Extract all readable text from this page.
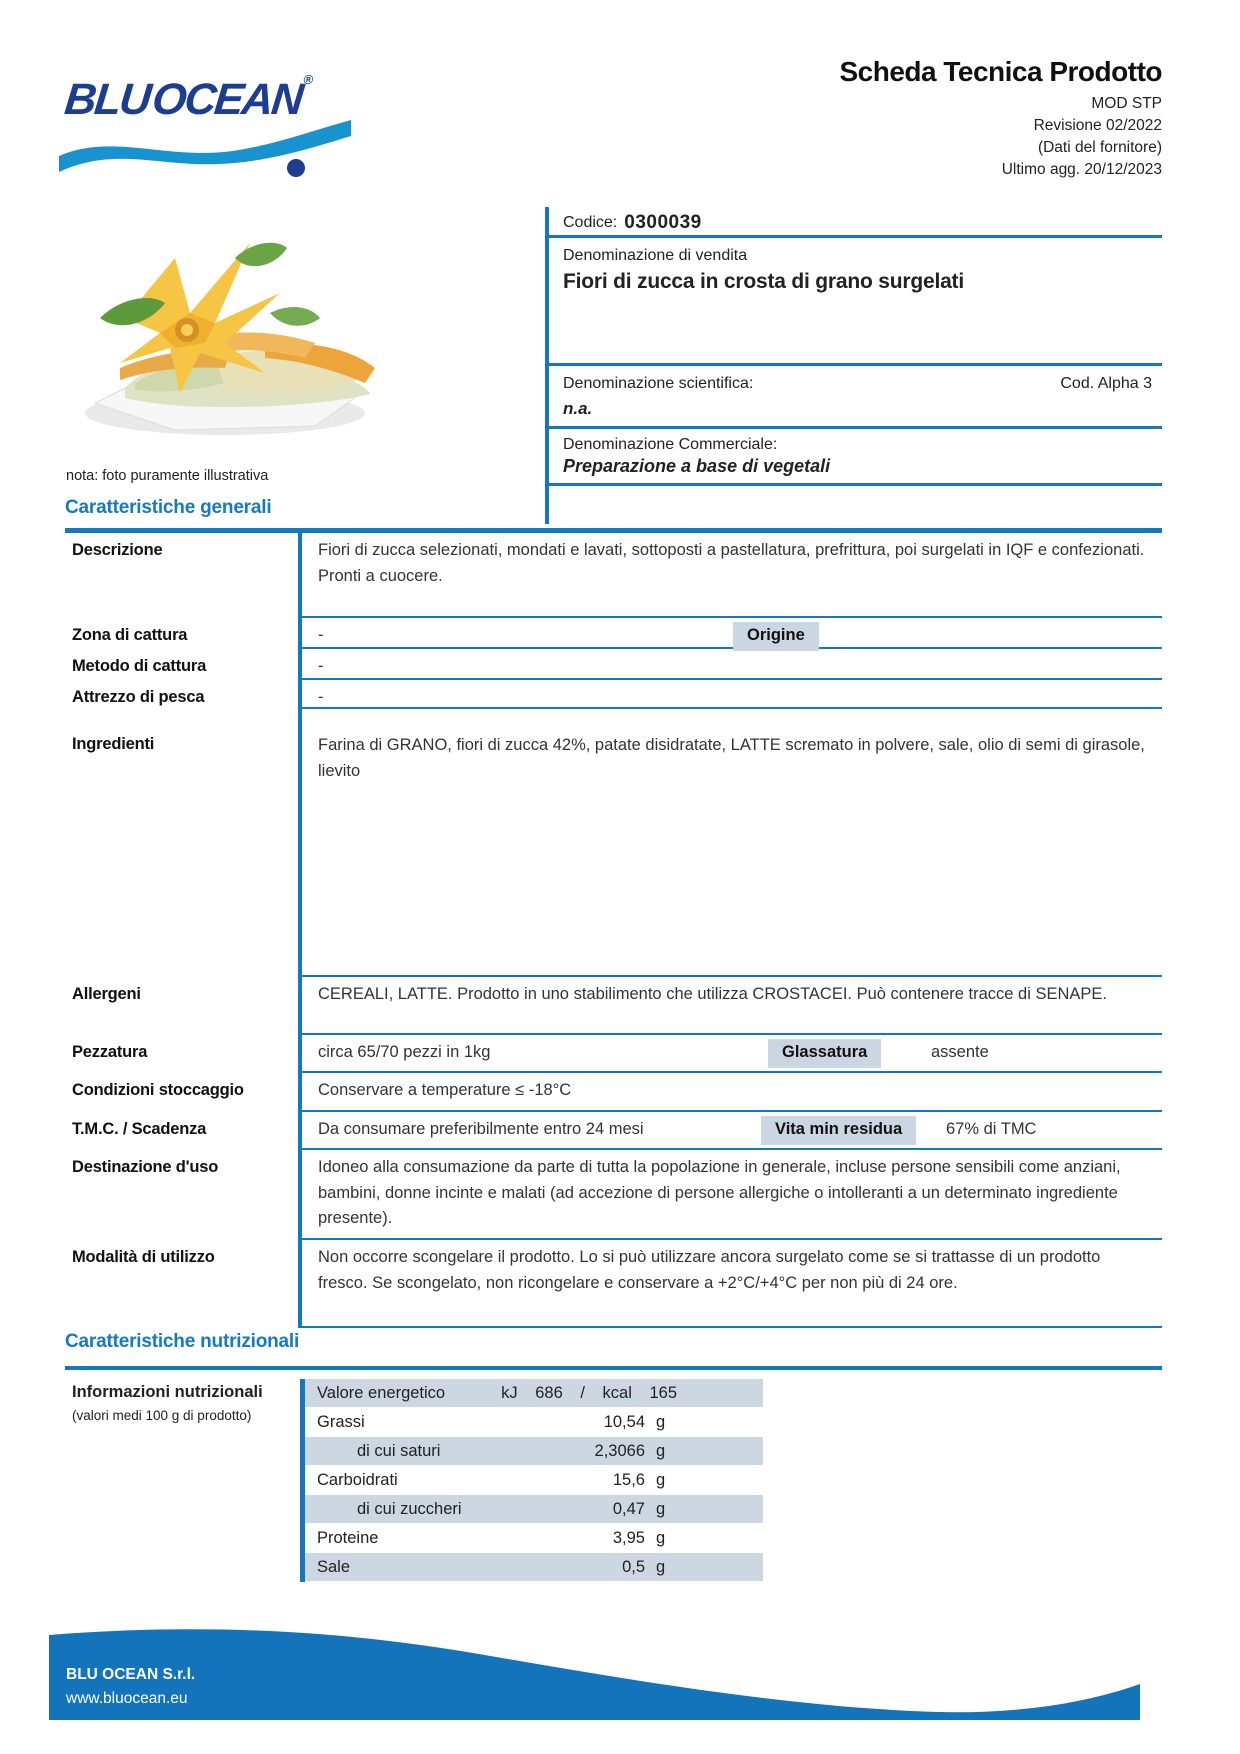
BLU OCEAN®	Scheda Tecnica Prodotto
MOD STP
Revisione 02/2022
(Dati del fornitore)
Ultimo agg. 20/12/2023
nota: foto puramente illustrativa
Codice: 0300039
Denominazione di vendita
Fiori di zucca in crosta di grano surgelati
Denominazione scientifica:	Cod. Alpha 3
n.a.
Denominazione Commerciale:
Preparazione a base di vegetali
Caratteristiche generali
Descrizione	Fiori di zucca selezionati, mondati e lavati, sottoposti a pastellatura, prefrittura, poi surgelati in IQF e confezionati. Pronti a cuocere.
Zona di cattura	-	Origine
Metodo di cattura	-
Attrezzo di pesca	-
Ingredienti	Farina di GRANO, fiori di zucca 42%, patate disidratate, LATTE scremato in polvere, sale, olio di semi di girasole, lievito
Allergeni	CEREALI, LATTE. Prodotto in uno stabilimento che utilizza CROSTACEI. Può contenere tracce di SENAPE.
Pezzatura	circa 65/70 pezzi in 1kg	Glassatura	assente
Condizioni stoccaggio	Conservare a temperature ≤ -18°C
T.M.C. / Scadenza	Da consumare preferibilmente entro 24 mesi	Vita min residua	67% di TMC
Destinazione d'uso	Idoneo alla consumazione da parte di tutta la popolazione in generale, incluse persone sensibili come anziani, bambini, donne incinte e malati (ad accezione di persone allergiche o intolleranti a un determinato ingrediente presente).
Modalità di utilizzo	Non occorre scongelare il prodotto. Lo si può utilizzare ancora surgelato come se si trattasse di un prodotto fresco. Se scongelato, non ricongelare e conservare a +2°C/+4°C per non più di 24 ore.
Caratteristiche nutrizionali
Informazioni nutrizionali
(valori medi 100 g di prodotto)
Valore energetico	kJ 686 / kcal 165
Grassi	10,54 g
di cui saturi	2,3066 g
Carboidrati	15,6 g
di cui zuccheri	0,47 g
Proteine	3,95 g
Sale	0,5 g
BLU OCEAN S.r.l.
www.bluocean.eu
